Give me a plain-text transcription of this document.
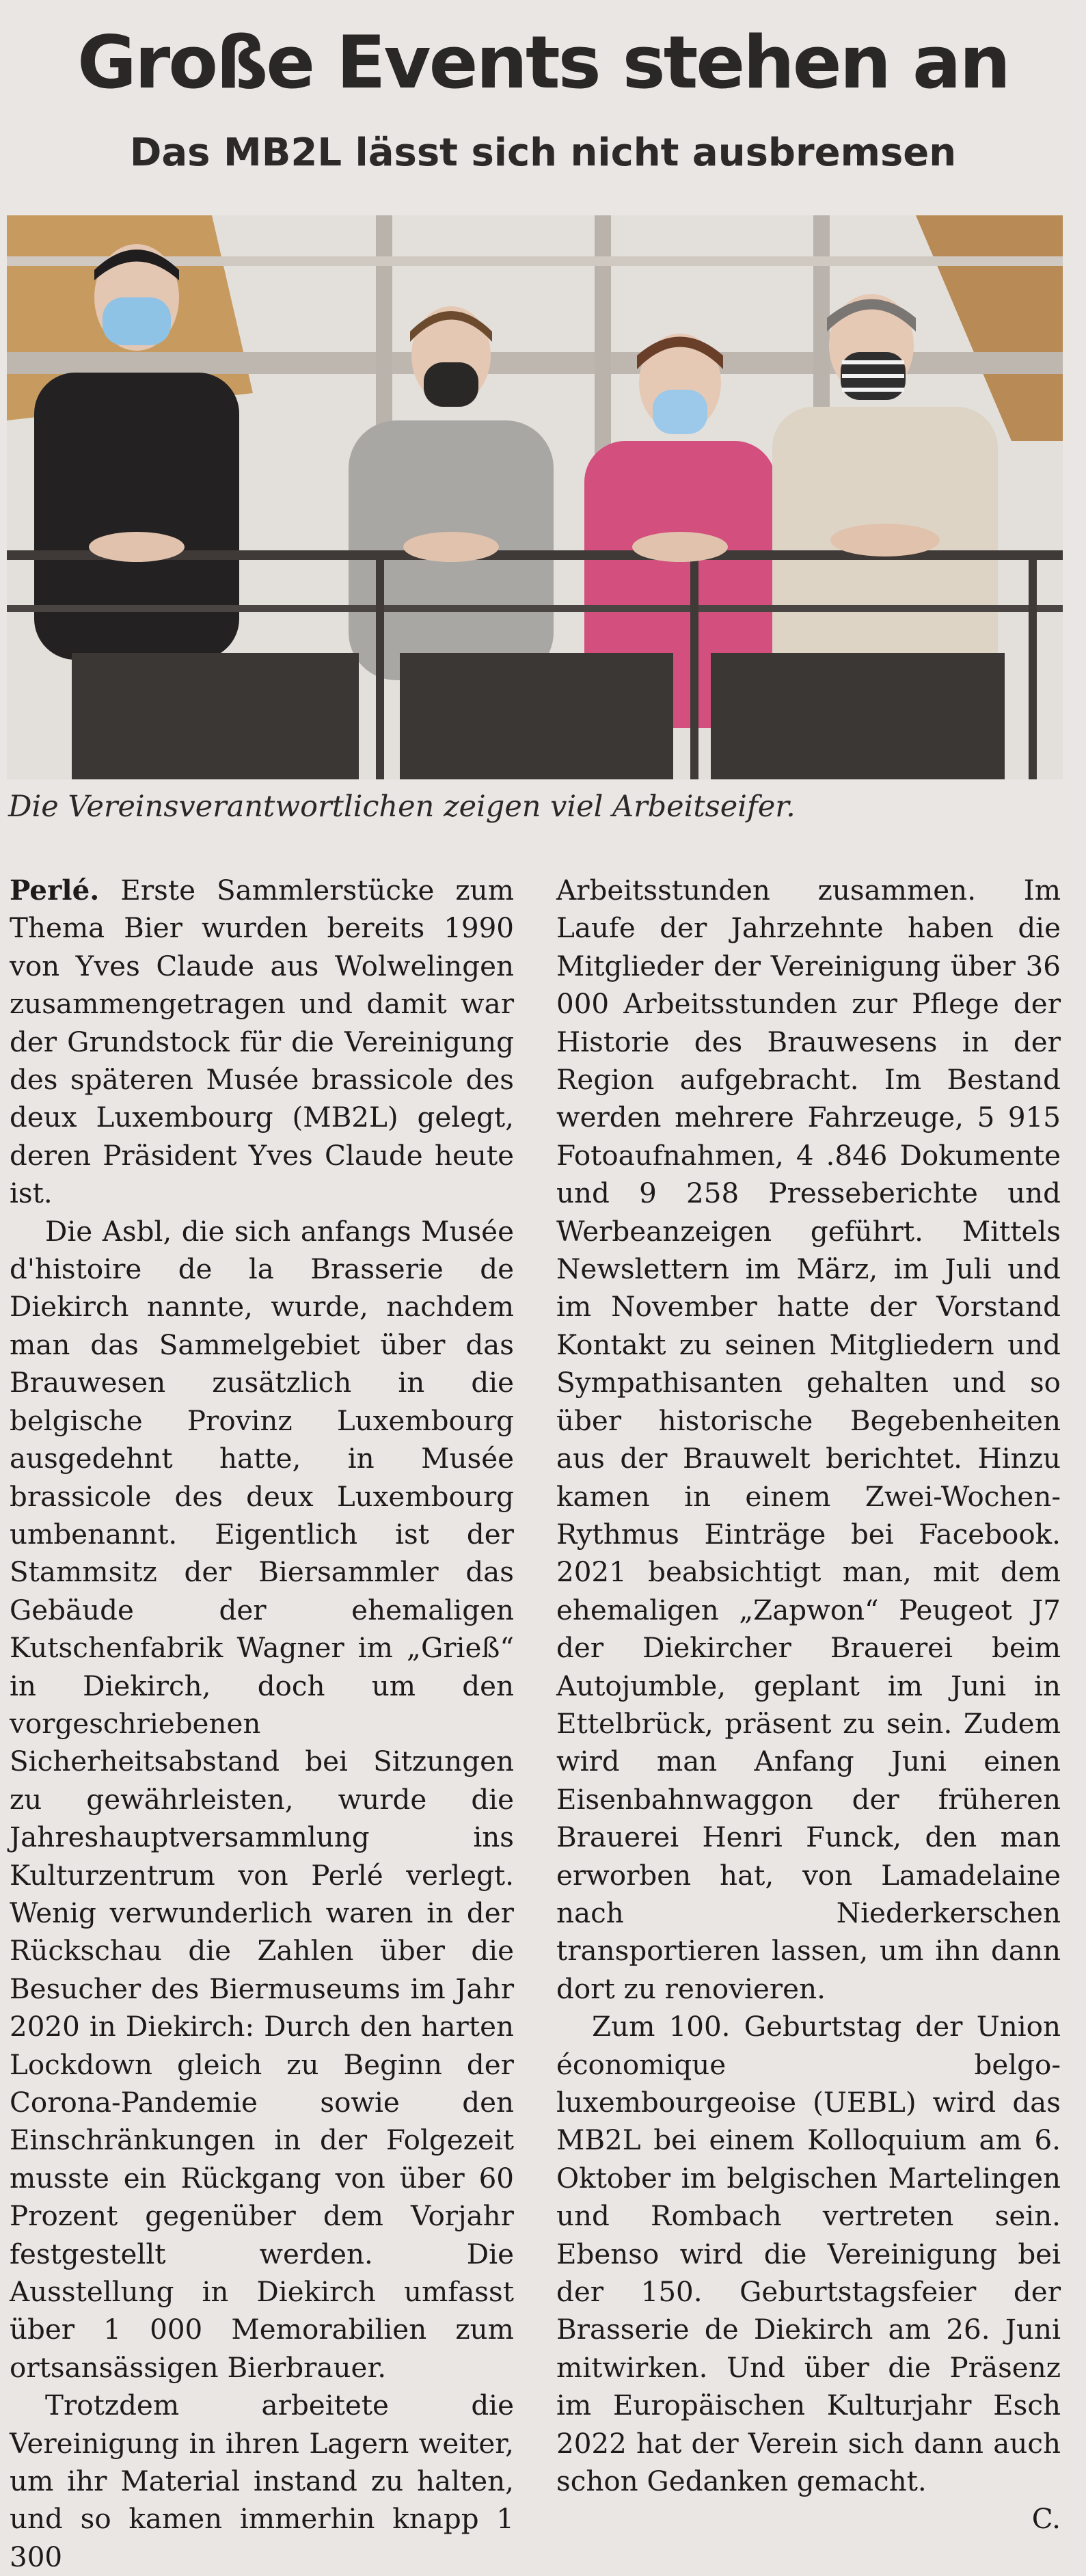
Große Events stehen an
Das MB2L lässt sich nicht ausbremsen
Die Vereinsverantwortlichen zeigen viel Arbeitseifer.

Perlé. Erste Sammlerstücke zum Thema Bier wurden bereits 1990 von Yves Claude aus Wolwelingen zusammengetragen und damit war der Grundstock für die Vereinigung des späteren Musée brassicole des deux Luxembourg (MB2L) gelegt, deren Präsident Yves Claude heute ist.

Die Asbl, die sich anfangs Musée d'histoire de la Brasserie de Diekirch nannte, wurde, nachdem man das Sammelgebiet über das Brauwesen zusätzlich in die belgische Provinz Luxembourg ausgedehnt hatte, in Musée brassicole des deux Luxembourg umbenannt. Eigentlich ist der Stammsitz der Biersammler das Gebäude der ehemaligen Kutschenfabrik Wagner im „Grieß“ in Diekirch, doch um den vorgeschriebenen Sicherheitsabstand bei Sitzungen zu gewährleisten, wurde die Jahreshauptversammlung ins Kulturzentrum von Perlé verlegt. Wenig verwunderlich waren in der Rückschau die Zahlen über die Besucher des Biermuseums im Jahr 2020 in Diekirch: Durch den harten Lockdown gleich zu Beginn der Corona-Pandemie sowie den Einschränkungen in der Folgezeit musste ein Rückgang von über 60 Prozent gegenüber dem Vorjahr festgestellt werden. Die Ausstellung in Diekirch umfasst über 1 000 Memorabilien zum ortsansässigen Bierbrauer.

Trotzdem arbeitete die Vereinigung in ihren Lagern weiter, um ihr Material instand zu halten, und so kamen immerhin knapp 1 300

Arbeitsstunden zusammen. Im Laufe der Jahrzehnte haben die Mitglieder der Vereinigung über 36 000 Arbeitsstunden zur Pflege der Historie des Brauwesens in der Region aufgebracht. Im Bestand werden mehrere Fahrzeuge, 5 915 Fotoaufnahmen, 4 .846 Dokumente und 9 258 Presseberichte und Werbeanzeigen geführt. Mittels Newslettern im März, im Juli und im November hatte der Vorstand Kontakt zu seinen Mitgliedern und Sympathisanten gehalten und so über historische Begebenheiten aus der Brauwelt berichtet. Hinzu kamen in einem Zwei-Wochen-Rythmus Einträge bei Facebook. 2021 beabsichtigt man, mit dem ehemaligen „Zapwon“ Peugeot J7 der Diekircher Brauerei beim Autojumble, geplant im Juni in Ettelbrück, präsent zu sein. Zudem wird man Anfang Juni einen Eisenbahnwaggon der früheren Brauerei Henri Funck, den man erworben hat, von Lamadelaine nach Niederkerschen transportieren lassen, um ihn dann dort zu renovieren.

Zum 100. Geburtstag der Union économique belgo-luxembourgeoise (UEBL) wird das MB2L bei einem Kolloquium am 6. Oktober im belgischen Martelingen und Rombach vertreten sein. Ebenso wird die Vereinigung bei der 150. Geburtstagsfeier der Brasserie de Diekirch am 26. Juni mitwirken. Und über die Präsenz im Europäischen Kulturjahr Esch 2022 hat der Verein sich dann auch schon Gedanken gemacht.

C.
